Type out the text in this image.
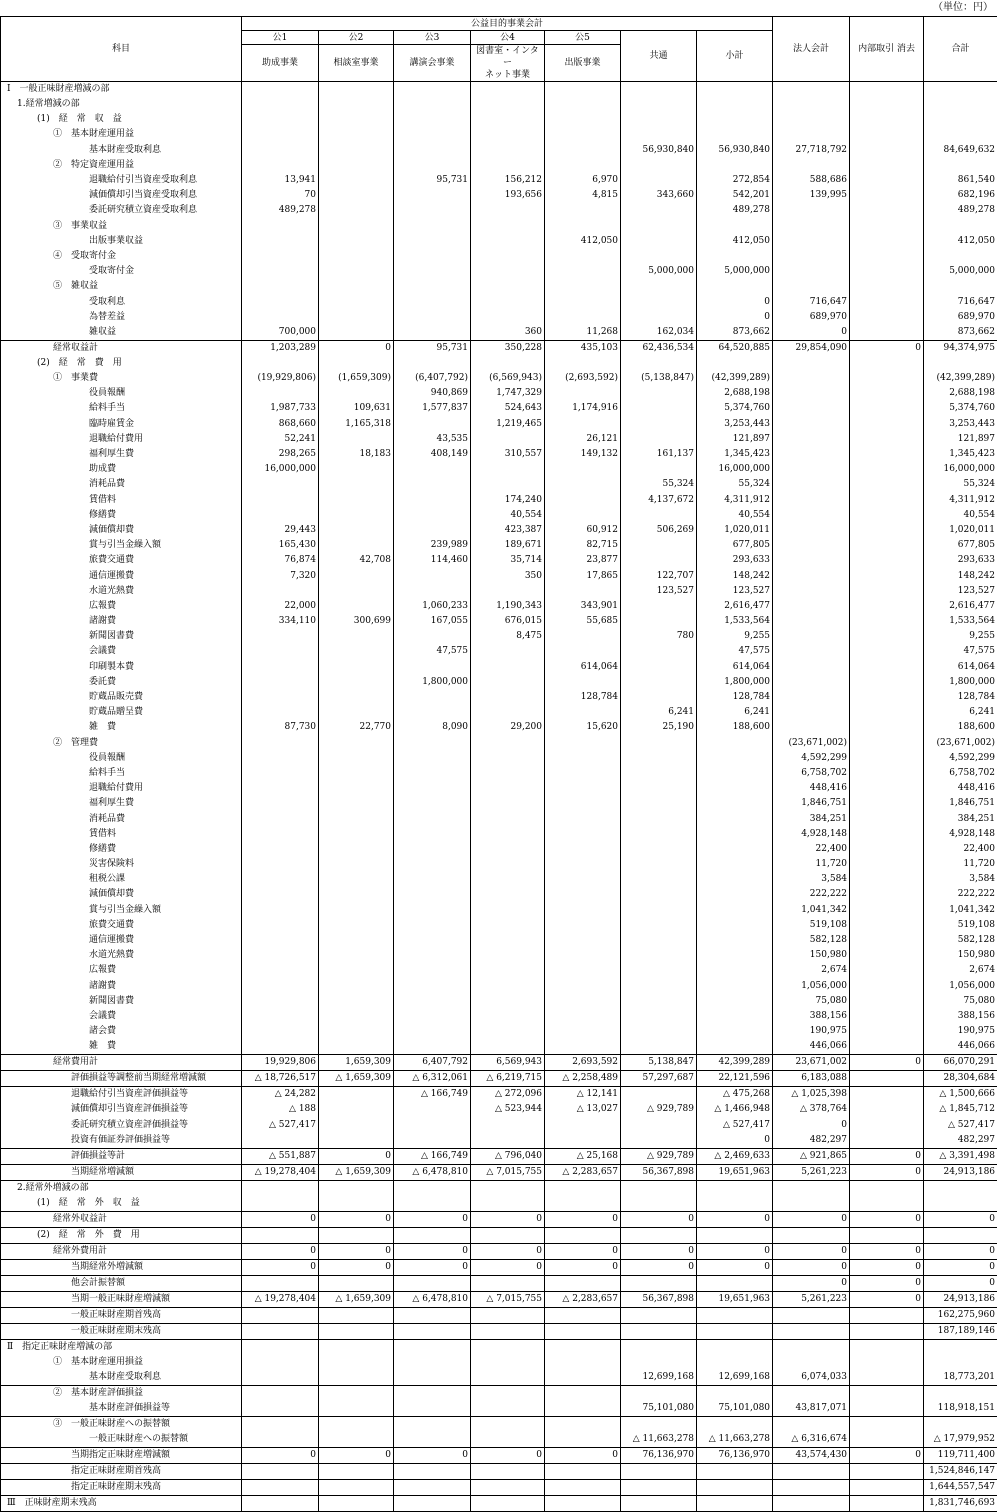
（単位：円）
科目	公益目的事業会計							法人会計	内部取引 消去	合計
	公1	公2	公3	公4	公5	共通	小計			
	助成事業	相談室事業	講演会事業	図書室・インター
ネット事業	出版事業					
Ⅰ　一般正味財産増減の部										
1.経常増減の部										
(1)　経　常　収　益										
①　基本財産運用益										
基本財産受取利息						56,930,840	56,930,840	27,718,792		84,649,632
②　特定資産運用益										
退職給付引当資産受取利息	13,941		95,731	156,212	6,970		272,854	588,686		861,540
減価償却引当資産受取利息	70			193,656	4,815	343,660	542,201	139,995		682,196
委託研究積立資産受取利息	489,278						489,278			489,278
③　事業収益										
出版事業収益					412,050		412,050			412,050
④　受取寄付金										
受取寄付金						5,000,000	5,000,000			5,000,000
⑤　雑収益										
受取利息							0	716,647		716,647
為替差益							0	689,970		689,970
雑収益	700,000			360	11,268	162,034	873,662	0		873,662
経常収益計	1,203,289	0	95,731	350,228	435,103	62,436,534	64,520,885	29,854,090	0	94,374,975
(2)　経　常　費　用										
①　事業費	(19,929,806)	(1,659,309)	(6,407,792)	(6,569,943)	(2,693,592)	(5,138,847)	(42,399,289)			(42,399,289)
役員報酬			940,869	1,747,329			2,688,198			2,688,198
給料手当	1,987,733	109,631	1,577,837	524,643	1,174,916		5,374,760			5,374,760
臨時雇賃金	868,660	1,165,318		1,219,465			3,253,443			3,253,443
退職給付費用	52,241		43,535		26,121		121,897			121,897
福利厚生費	298,265	18,183	408,149	310,557	149,132	161,137	1,345,423			1,345,423
助成費	16,000,000						16,000,000			16,000,000
消耗品費						55,324	55,324			55,324
賃借料				174,240		4,137,672	4,311,912			4,311,912
修繕費				40,554			40,554			40,554
減価償却費	29,443			423,387	60,912	506,269	1,020,011			1,020,011
賞与引当金繰入額	165,430		239,989	189,671	82,715		677,805			677,805
旅費交通費	76,874	42,708	114,460	35,714	23,877		293,633			293,633
通信運搬費	7,320			350	17,865	122,707	148,242			148,242
水道光熱費						123,527	123,527			123,527
広報費	22,000		1,060,233	1,190,343	343,901		2,616,477			2,616,477
諸謝費	334,110	300,699	167,055	676,015	55,685		1,533,564			1,533,564
新聞図書費				8,475		780	9,255			9,255
会議費			47,575				47,575			47,575
印刷製本費					614,064		614,064			614,064
委託費			1,800,000				1,800,000			1,800,000
貯蔵品販売費					128,784		128,784			128,784
貯蔵品贈呈費						6,241	6,241			6,241
雑　費	87,730	22,770	8,090	29,200	15,620	25,190	188,600			188,600
②　管理費								(23,671,002)		(23,671,002)
役員報酬								4,592,299		4,592,299
給料手当								6,758,702		6,758,702
退職給付費用								448,416		448,416
福利厚生費								1,846,751		1,846,751
消耗品費								384,251		384,251
賃借料								4,928,148		4,928,148
修繕費								22,400		22,400
災害保険料								11,720		11,720
租税公課								3,584		3,584
減価償却費								222,222		222,222
賞与引当金繰入額								1,041,342		1,041,342
旅費交通費								519,108		519,108
通信運搬費								582,128		582,128
水道光熱費								150,980		150,980
広報費								2,674		2,674
諸謝費								1,056,000		1,056,000
新聞図書費								75,080		75,080
会議費								388,156		388,156
諸会費								190,975		190,975
雑　費								446,066		446,066
経常費用計	19,929,806	1,659,309	6,407,792	6,569,943	2,693,592	5,138,847	42,399,289	23,671,002	0	66,070,291
評価損益等調整前当期経常増減額	△ 18,726,517	△ 1,659,309	△ 6,312,061	△ 6,219,715	△ 2,258,489	57,297,687	22,121,596	6,183,088		28,304,684
退職給付引当資産評価損益等	△ 24,282		△ 166,749	△ 272,096	△ 12,141		△ 475,268	△ 1,025,398		△ 1,500,666
減価償却引当資産評価損益等	△ 188			△ 523,944	△ 13,027	△ 929,789	△ 1,466,948	△ 378,764		△ 1,845,712
委託研究積立資産評価損益等	△ 527,417						△ 527,417	0		△ 527,417
投資有価証券評価損益等							0	482,297		482,297
評価損益等計	△ 551,887	0	△ 166,749	△ 796,040	△ 25,168	△ 929,789	△ 2,469,633	△ 921,865	0	△ 3,391,498
当期経常増減額	△ 19,278,404	△ 1,659,309	△ 6,478,810	△ 7,015,755	△ 2,283,657	56,367,898	19,651,963	5,261,223	0	24,913,186
2.経常外増減の部										
(1)　経　常　外　収　益										
経常外収益計	0	0	0	0	0	0	0	0	0	0
(2)　経　常　外　費　用										
経常外費用計	0	0	0	0	0	0	0	0	0	0
当期経常外増減額	0	0	0	0	0	0	0	0	0	0
他会計振替額								0	0	0
当期一般正味財産増減額	△ 19,278,404	△ 1,659,309	△ 6,478,810	△ 7,015,755	△ 2,283,657	56,367,898	19,651,963	5,261,223	0	24,913,186
一般正味財産期首残高										162,275,960
一般正味財産期末残高										187,189,146
Ⅱ　指定正味財産増減の部										
①　基本財産運用損益										
基本財産受取利息						12,699,168	12,699,168	6,074,033		18,773,201
②　基本財産評価損益										
基本財産評価損益等						75,101,080	75,101,080	43,817,071		118,918,151
③　一般正味財産への振替額										
一般正味財産への振替額						△ 11,663,278	△ 11,663,278	△ 6,316,674		△ 17,979,952
当期指定正味財産増減額	0	0	0	0	0	76,136,970	76,136,970	43,574,430	0	119,711,400
指定正味財産期首残高										1,524,846,147
指定正味財産期末残高										1,644,557,547
Ⅲ　正味財産期末残高										1,831,746,693
